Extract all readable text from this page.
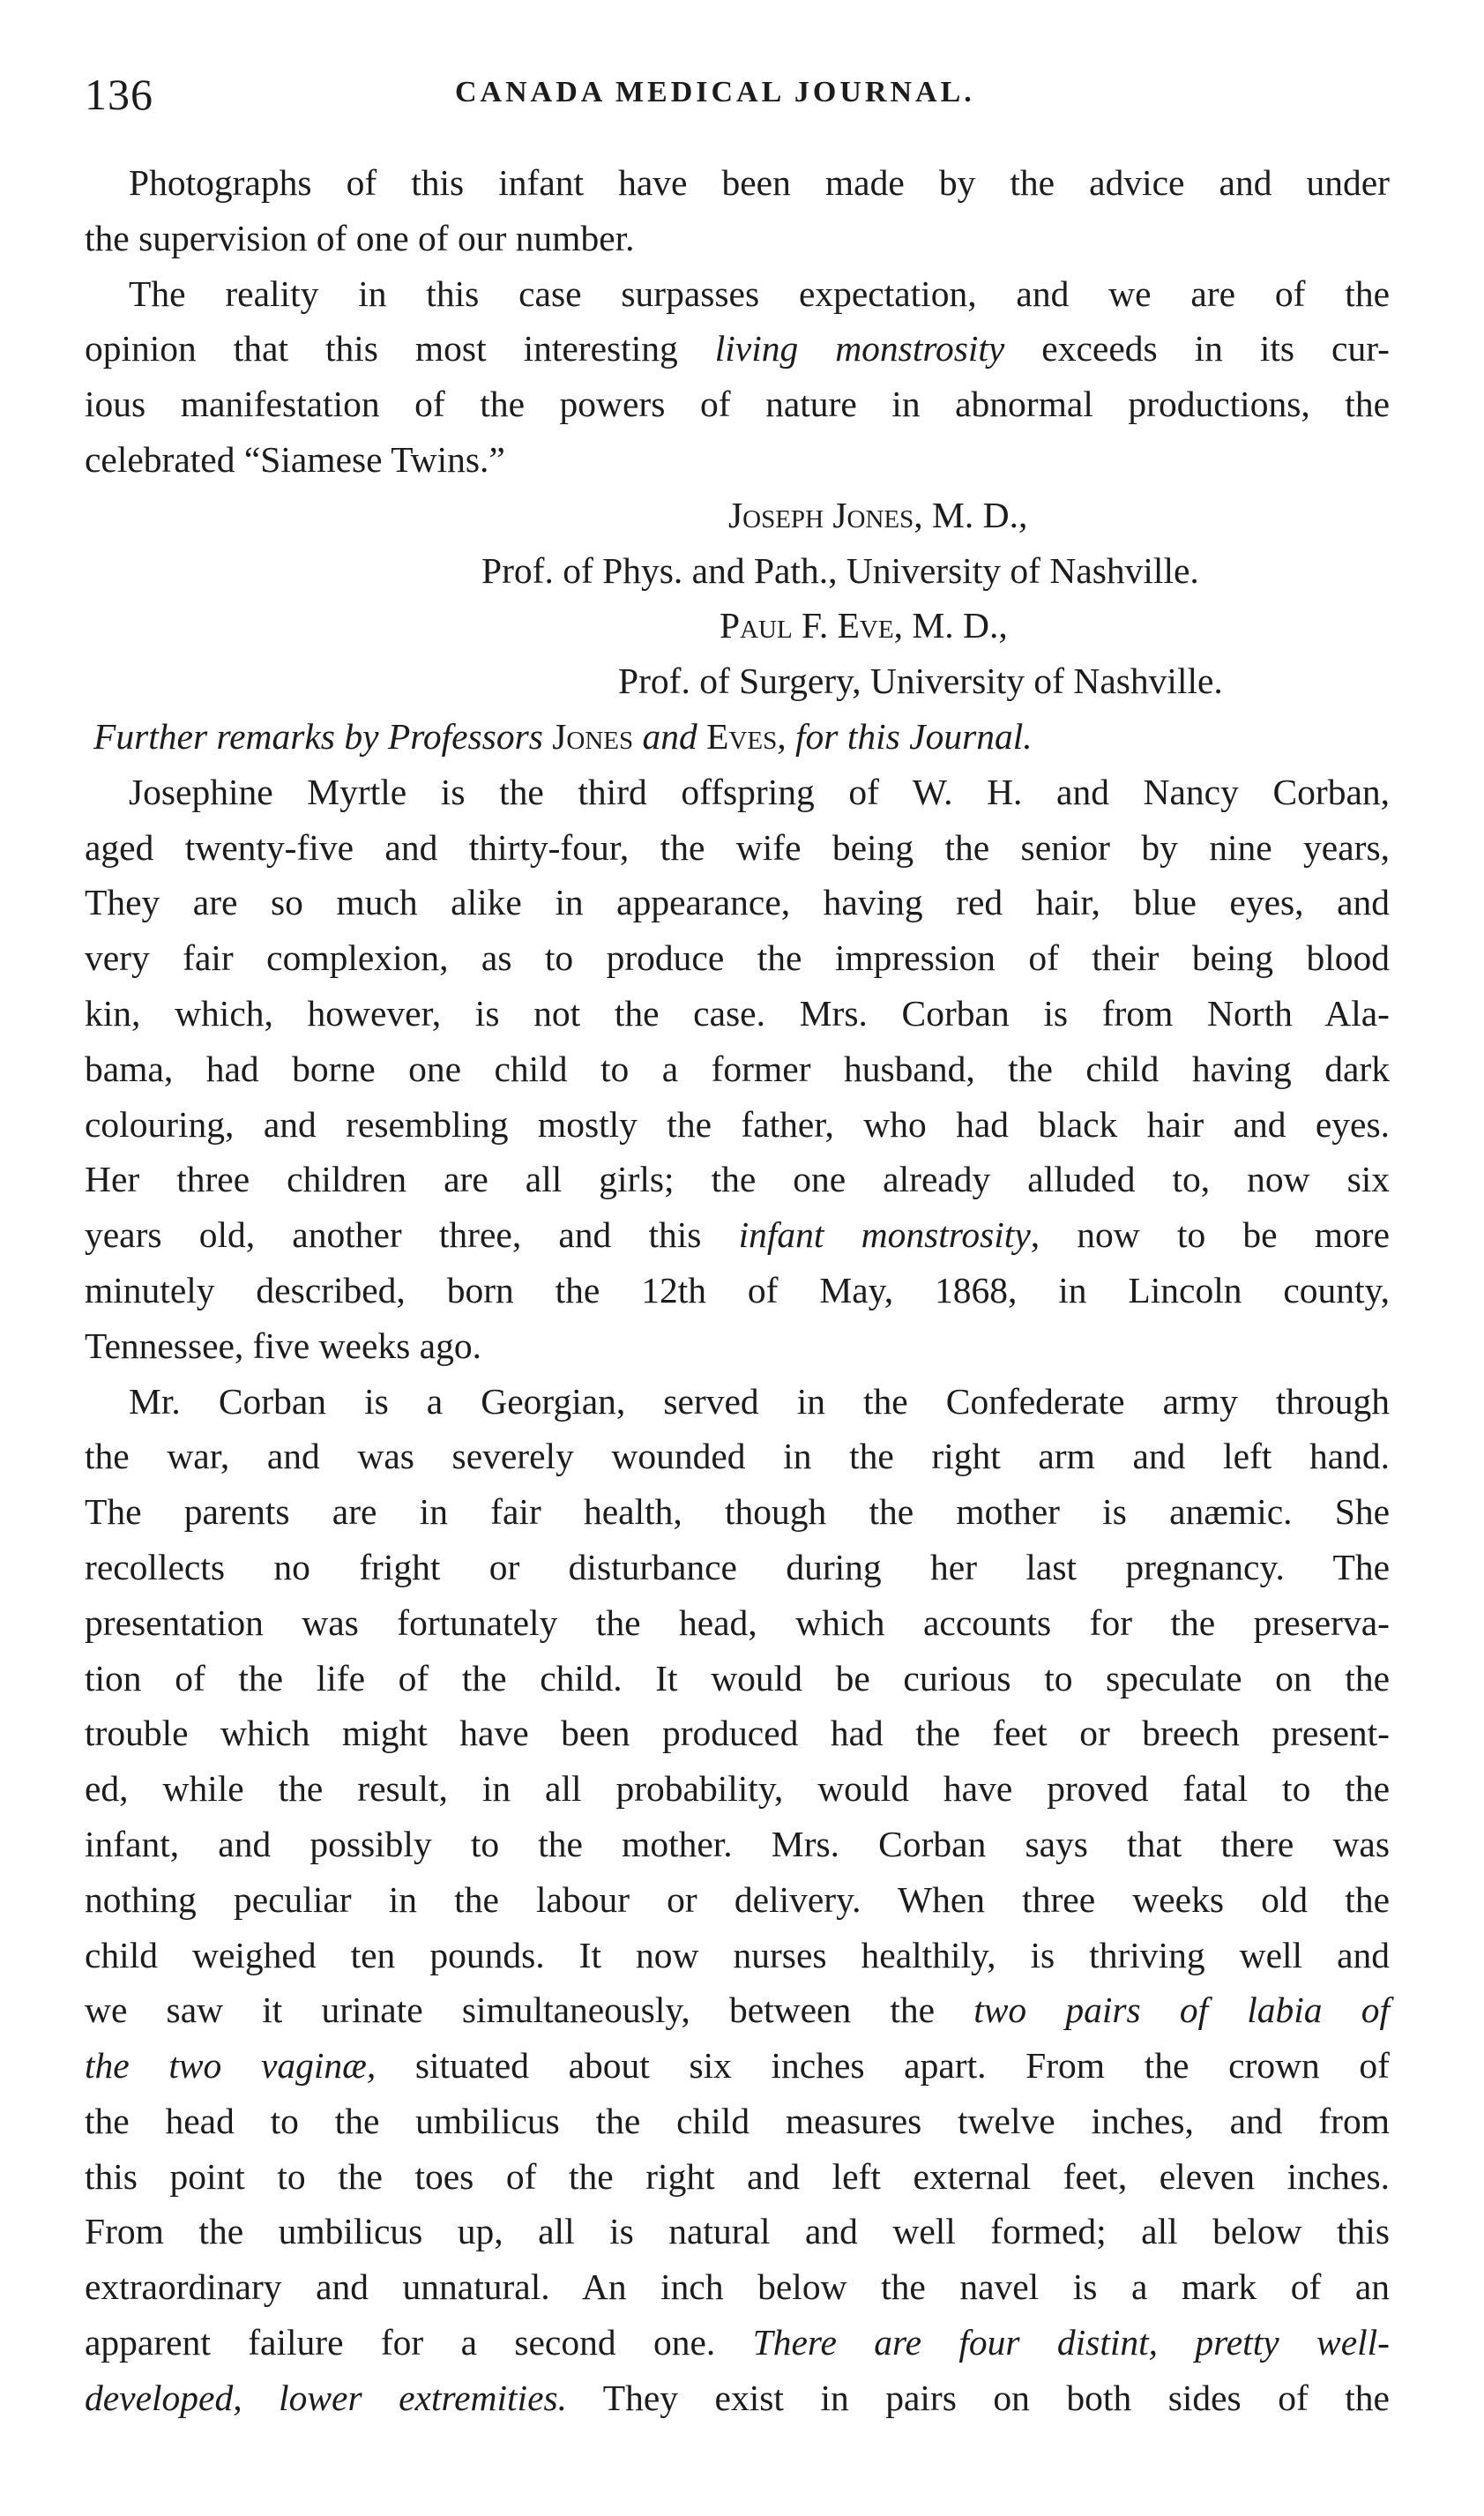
136	CANADA MEDICAL JOURNAL.
Photographs of this infant have been made by the advice and under
the supervision of one of our number.
The reality in this case surpasses expectation, and we are of the
opinion that this most interesting living monstrosity exceeds in its cur-
ious manifestation of the powers of nature in abnormal productions, the
celebrated “Siamese Twins.”
Joseph Jones, M. D.,
Prof. of Phys. and Path., University of Nashville.
Paul F. Eve, M. D.,
Prof. of Surgery, University of Nashville.
Further remarks by Professors Jones and Eves, for this Journal.
Josephine Myrtle is the third offspring of W. H. and Nancy Corban,
aged twenty-five and thirty-four, the wife being the senior by nine years,
They are so much alike in appearance, having red hair, blue eyes, and
very fair complexion, as to produce the impression of their being blood
kin, which, however, is not the case. Mrs. Corban is from North Ala-
bama, had borne one child to a former husband, the child having dark
colouring, and resembling mostly the father, who had black hair and eyes.
Her three children are all girls; the one already alluded to, now six
years old, another three, and this infant monstrosity, now to be more
minutely described, born the 12th of May, 1868, in Lincoln county,
Tennessee, five weeks ago.
Mr. Corban is a Georgian, served in the Confederate army through
the war, and was severely wounded in the right arm and left hand.
The parents are in fair health, though the mother is anæmic. She
recollects no fright or disturbance during her last pregnancy. The
presentation was fortunately the head, which accounts for the preserva-
tion of the life of the child. It would be curious to speculate on the
trouble which might have been produced had the feet or breech present-
ed, while the result, in all probability, would have proved fatal to the
infant, and possibly to the mother. Mrs. Corban says that there was
nothing peculiar in the labour or delivery. When three weeks old the
child weighed ten pounds. It now nurses healthily, is thriving well and
we saw it urinate simultaneously, between the two pairs of labia of
the two vaginæ, situated about six inches apart. From the crown of
the head to the umbilicus the child measures twelve inches, and from
this point to the toes of the right and left external feet, eleven inches.
From the umbilicus up, all is natural and well formed; all below this
extraordinary and unnatural. An inch below the navel is a mark of an
apparent failure for a second one. There are four distint, pretty well-
developed, lower extremities. They exist in pairs on both sides of the
